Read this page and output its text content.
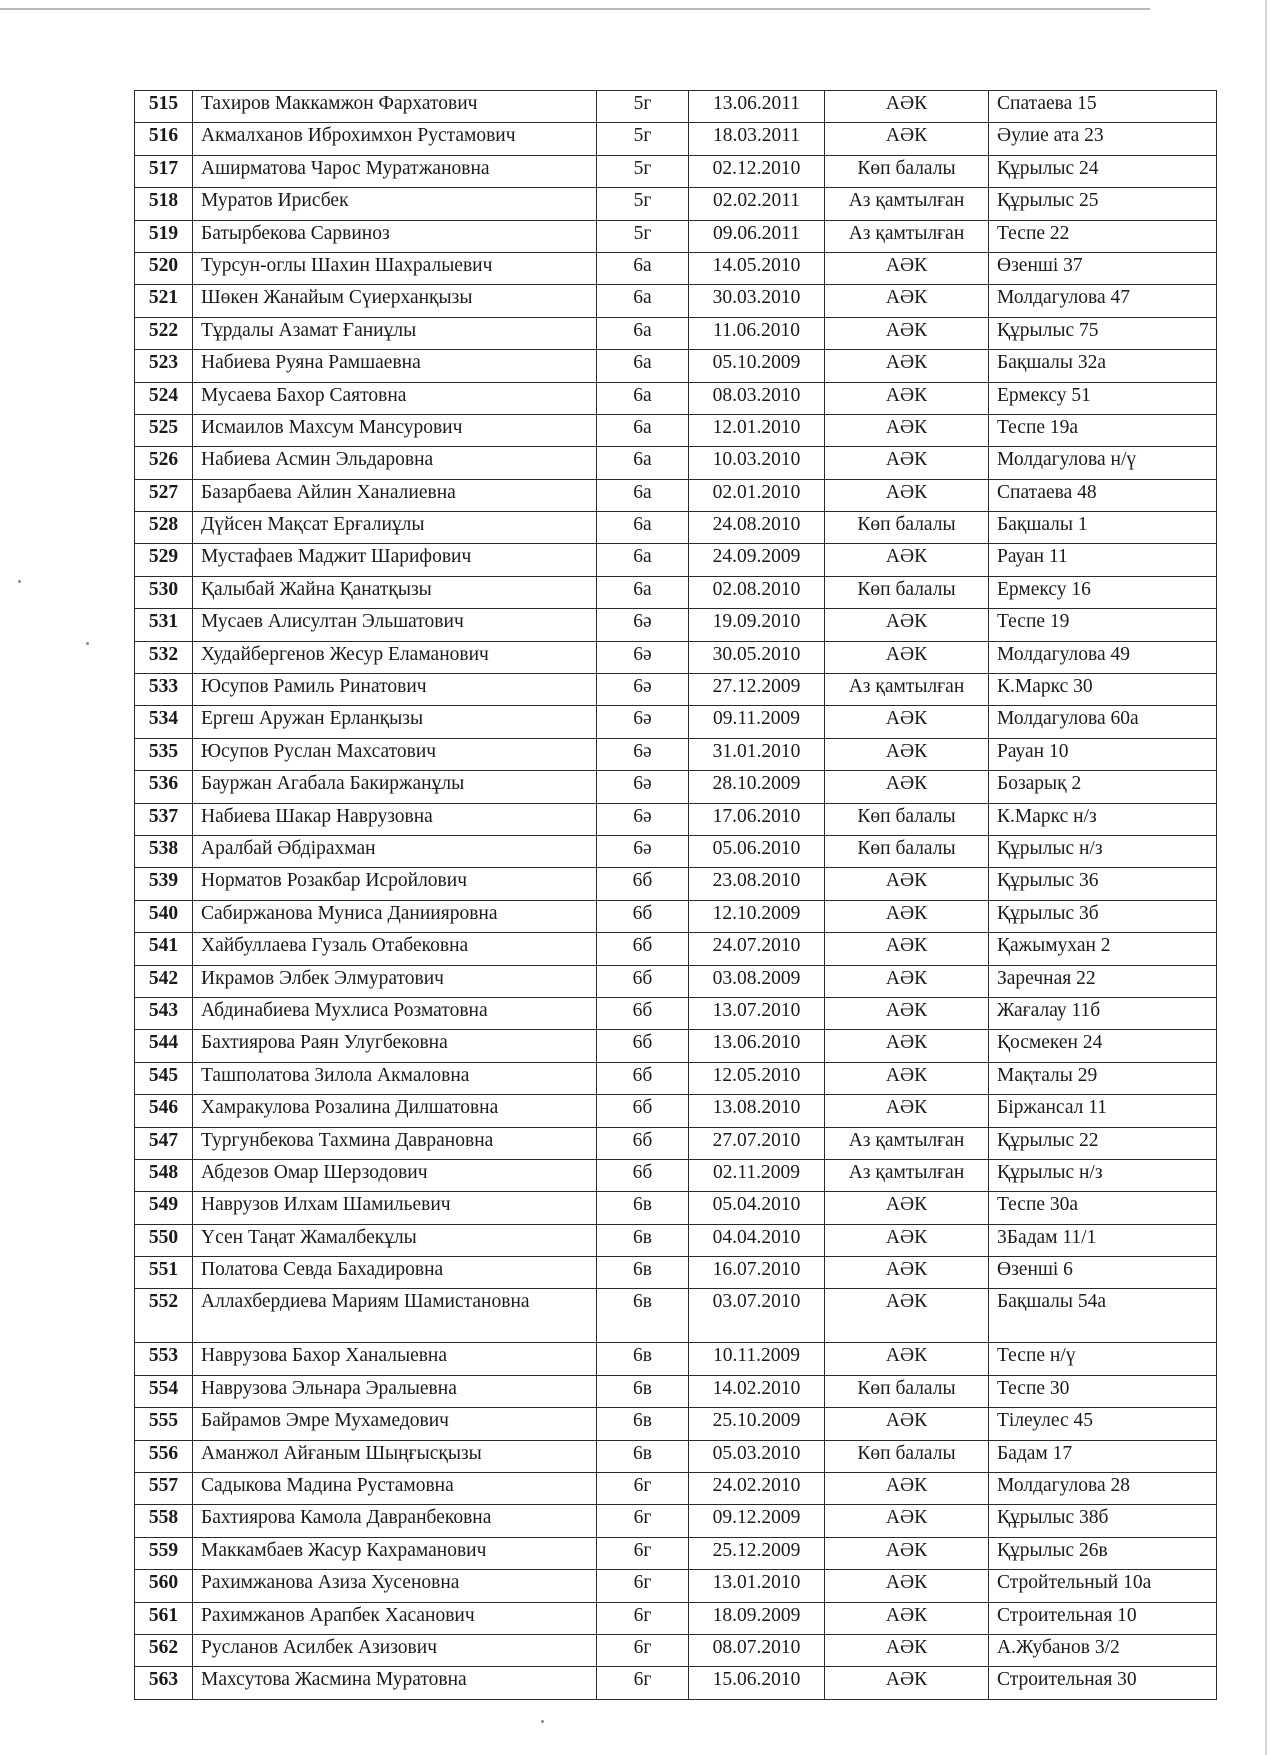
515	Тахиров Маккамжон Фархатович	5г	13.06.2011	АӘК	Спатаева 15
516	Акмалханов Иброхимхон Рустамович	5г	18.03.2011	АӘК	Әулие ата 23
517	Аширматова Чарос Муратжановна	5г	02.12.2010	Көп балалы	Құрылыс 24
518	Муратов Ирисбек	5г	02.02.2011	Аз қамтылған	Құрылыс 25
519	Батырбекова Сарвиноз	5г	09.06.2011	Аз қамтылған	Теспе 22
520	Турсун-оглы Шахин Шахралыевич	6а	14.05.2010	АӘК	Өзенші 37
521	Шөкен Жанайым Сүиерханқызы	6а	30.03.2010	АӘК	Молдагулова 47
522	Тұрдалы Азамат Ғаниұлы	6а	11.06.2010	АӘК	Құрылыс 75
523	Набиева Руяна Рамшаевна	6а	05.10.2009	АӘК	Бақшалы 32а
524	Мусаева Бахор Саятовна	6а	08.03.2010	АӘК	Ермексу 51
525	Исмаилов Махсум Мансурович	6а	12.01.2010	АӘК	Теспе 19а
526	Набиева Асмин Эльдаровна	6а	10.03.2010	АӘК	Молдагулова н/ү
527	Базарбаева Айлин Ханалиевна	6а	02.01.2010	АӘК	Спатаева 48
528	Дүйсен Мақсат Ерғалиұлы	6а	24.08.2010	Көп балалы	Бақшалы 1
529	Мустафаев Маджит Шарифович	6а	24.09.2009	АӘК	Рауан 11
530	Қалыбай Жайна Қанатқызы	6а	02.08.2010	Көп балалы	Ермексу 16
531	Мусаев Алисултан Эльшатович	6ә	19.09.2010	АӘК	Теспе 19
532	Худайбергенов Жесур Еламанович	6ә	30.05.2010	АӘК	Молдагулова 49
533	Юсупов Рамиль Ринатович	6ә	27.12.2009	Аз қамтылған	К.Маркс 30
534	Ергеш Аружан Ерланқызы	6ә	09.11.2009	АӘК	Молдагулова 60а
535	Юсупов Руслан Махсатович	6ә	31.01.2010	АӘК	Рауан 10
536	Бауржан Агабала Бакиржанұлы	6ә	28.10.2009	АӘК	Бозарық 2
537	Набиева Шакар Наврузовна	6ә	17.06.2010	Көп балалы	К.Маркс н/з
538	Аралбай Әбдірахман	6ә	05.06.2010	Көп балалы	Құрылыс н/з
539	Норматов Розакбар Исройлович	6б	23.08.2010	АӘК	Құрылыс 36
540	Сабиржанова Муниса Даниияровна	6б	12.10.2009	АӘК	Құрылыс 3б
541	Хайбуллаева Гузаль Отабековна	6б	24.07.2010	АӘК	Қажымухан 2
542	Икрамов Элбек Элмуратович	6б	03.08.2009	АӘК	Заречная 22
543	Абдинабиева Мухлиса Розматовна	6б	13.07.2010	АӘК	Жағалау 11б
544	Бахтиярова Раян Улугбековна	6б	13.06.2010	АӘК	Қосмекен 24
545	Ташполатова Зилола Акмаловна	6б	12.05.2010	АӘК	Мақталы 29
546	Хамракулова Розалина Дилшатовна	6б	13.08.2010	АӘК	Біржансал 11
547	Тургунбекова Тахмина Даврановна	6б	27.07.2010	Аз қамтылған	Құрылыс 22
548	Абдезов Омар Шерзодович	6б	02.11.2009	Аз қамтылған	Құрылыс н/з
549	Наврузов Илхам Шамильевич	6в	05.04.2010	АӘК	Теспе 30а
550	Үсен Таңат Жамалбекұлы	6в	04.04.2010	АӘК	3Бадам 11/1
551	Полатова Севда Бахадировна	6в	16.07.2010	АӘК	Өзенші 6
552	Аллахбердиева Мариям Шамистановна	6в	03.07.2010	АӘК	Бақшалы 54а
553	Наврузова Бахор Ханалыевна	6в	10.11.2009	АӘК	Теспе н/ү
554	Наврузова Эльнара Эралыевна	6в	14.02.2010	Көп балалы	Теспе 30
555	Байрамов Эмре Мухамедович	6в	25.10.2009	АӘК	Тілеулес 45
556	Аманжол Айғаным Шыңғысқызы	6в	05.03.2010	Көп балалы	Бадам 17
557	Садыкова Мадина Рустамовна	6г	24.02.2010	АӘК	Молдагулова 28
558	Бахтиярова Камола Давранбековна	6г	09.12.2009	АӘК	Құрылыс 38б
559	Маккамбаев Жасур Кахраманович	6г	25.12.2009	АӘК	Құрылыс 26в
560	Рахимжанова Азиза Хусеновна	6г	13.01.2010	АӘК	Стройтельный 10а
561	Рахимжанов Арапбек Хасанович	6г	18.09.2009	АӘК	Строительная 10
562	Русланов Асилбек Азизович	6г	08.07.2010	АӘК	А.Жубанов 3/2
563	Махсутова Жасмина Муратовна	6г	15.06.2010	АӘК	Строительная 30
